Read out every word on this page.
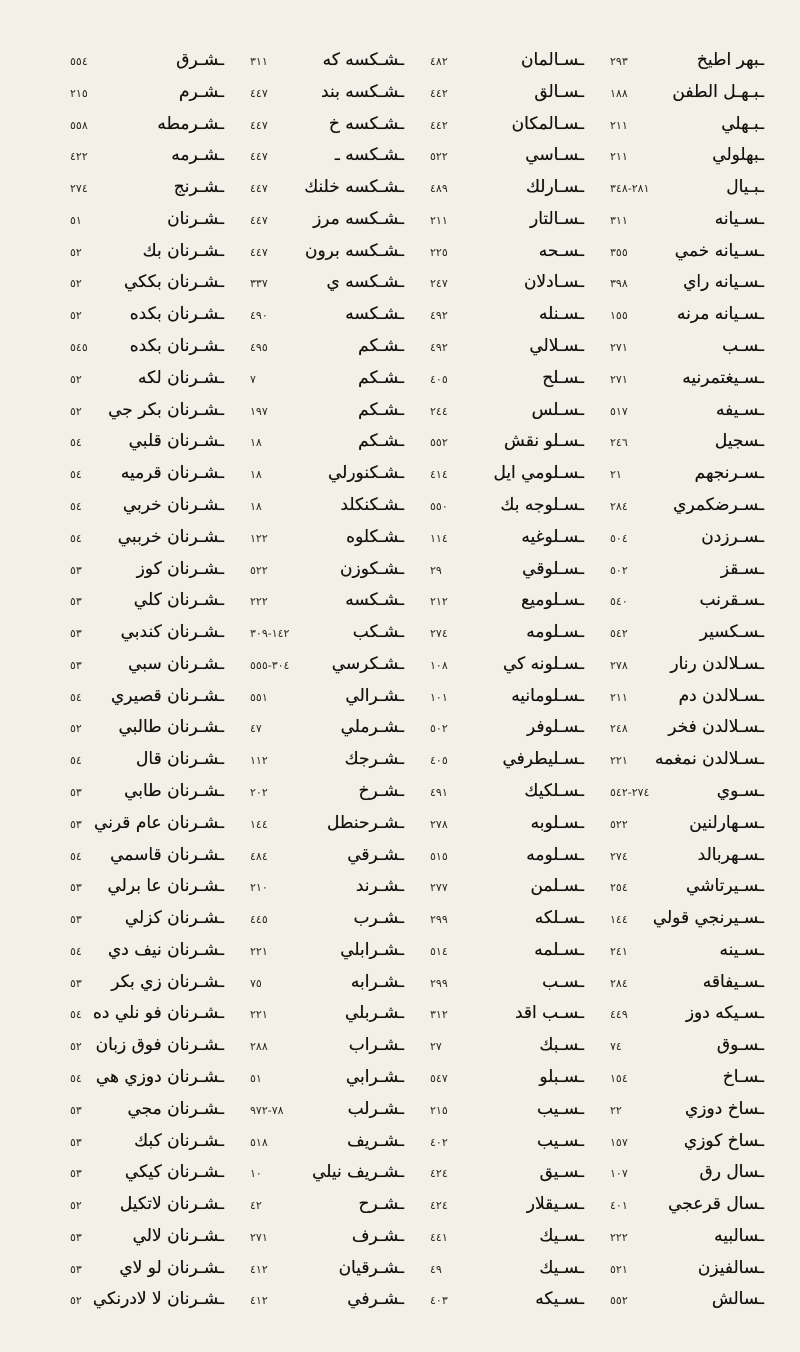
ـبهر اطيخ
٢٩٣
ـبـهـل الطفن
١٨٨
ـبـهلي
٢١١
ـبهلولي
٢١١
ـبـيال
٢٨١-٣٤٨
ـسـيانه
٣١١
ـسـيانه خمي
٣٥٥
ـسـيانه راي
٣٩٨
ـسـيانه مرنه
١٥٥
ـسـب
٢٧١
ـسـيغتمرنيه
٢٧١
ـسـيفه
٥١٧
ـسجيل
٢٤٦
ـسـرنجهم
٢١
ـسـرضكمري
٢٨٤
ـسـرزدن
٥٠٤
ـسـقز
٥٠٢
ـسـقرنب
٥٤٠
ـسـكسير
٥٤٢
ـسـلالدن رنار
٢٧٨
ـسـلالدن دم
٢١١
ـسـلالدن فخر
٢٤٨
ـسـلالدن نمغمه
٢٢١
ـسـوي
٢٧٤-٥٤٢
ـسـهارلنين
٥٢٢
ـسـهربالد
٢٧٤
ـسـيرتاشي
٢٥٤
ـسـيرنجي قولي
١٤٤
ـسـينه
٢٤١
ـسـيفاقه
٢٨٤
ـسـيكه دوز
٤٤٩
ـسـوق
٧٤
ـسـاخ
١٥٤
ـساخ دوزي
٢٢
ـساخ كوزي
١٥٧
ـسال رق
١٠٧
ـسال قرعجي
٤٠١
ـسالبيه
٢٢٢
ـسالفيزن
٥٢١
ـسالش
٥٥٢
ـسـالمان
٤٨٢
ـسـالق
٤٤٢
ـسـالمكان
٤٤٢
ـسـاسي
٥٢٢
ـسـارلك
٤٨٩
ـسـالتار
٢١١
ـسـحه
٢٢٥
ـسـادلان
٢٤٧
ـسـنله
٤٩٢
ـسـلالي
٤٩٢
ـسـلح
٤٠٥
ـسـلس
٢٤٤
ـسـلو نقش
٥٥٢
ـسـلومي ايل
٤١٤
ـسـلوجه بك
٥٥٠
ـسـلوغيه
١١٤
ـسـلوقي
٢٩
ـسـلوميع
٢١٢
ـسـلومه
٢٧٤
ـسـلونه كي
١٠٨
ـسـلومانيه
١٠١
ـسـلوفر
٥٠٢
ـسـليطرفي
٤٠٥
ـسـلكيك
٤٩١
ـسـلوبه
٢٧٨
ـسـلومه
٥١٥
ـسـلمن
٢٧٧
ـسـلكه
٢٩٩
ـسـلمه
٥١٤
ـسـب
٢٩٩
ـسـب اقد
٣١٢
ـسـبك
٢٧
ـسـبلو
٥٤٧
ـسـيب
٢١٥
ـسـيب
٤٠٢
ـسـيق
٤٢٤
ـسـيقلار
٤٢٤
ـسـيك
٤٤١
ـسـيك
٤٩
ـسـيكه
٤٠٣
ـشـكسه كه
٣١١
ـشـكسه بند
٤٤٧
ـشـكسه خ
٤٤٧
ـشـكسه ـ
٤٤٧
ـشـكسه خلنك
٤٤٧
ـشـكسه مرز
٤٤٧
ـشـكسه برون
٤٤٧
ـشـكسه ي
٣٣٧
ـشـكسه
٤٩٠
ـشـكم
٤٩٥
ـشـكم
٧
ـشـكم
١٩٧
ـشـكم
١٨
ـشـكنورلي
١٨
ـشـكنكلد
١٨
ـشـكلوه
١٢٢
ـشـكوزن
٥٢٢
ـشـكسه
٢٢٢
ـشـكب
١٤٢-٣٠٩
ـشـكرسي
٣٠٤-٥٥٥
ـشـرالي
٥٥١
ـشـرملي
٤٧
ـشـرجك
١١٢
ـشـرخ
٢٠٢
ـشـرحنطل
١٤٤
ـشـرقي
٤٨٤
ـشـرند
٢١٠
ـشـرب
٤٤٥
ـشـرابلي
٢٢١
ـشـرابه
٧٥
ـشـربلي
٢٢١
ـشـراب
٢٨٨
ـشـرابي
٥١
ـشـرلب
٧٨-٩٧٢
ـشـريف
٥١٨
ـشـريف نيلي
١٠
ـشـرح
٤٢
ـشـرف
٢٧١
ـشـرقيان
٤١٢
ـشـرفي
٤١٢
ـشـرق
٥٥٤
ـشـرم
٢١٥
ـشـرمطه
٥٥٨
ـشـرمه
٤٢٢
ـشـرنج
٢٧٤
ـشـرنان
٥١
ـشـرنان بك
٥٢
ـشـرنان بككي
٥٢
ـشـرنان بكده
٥٢
ـشـرنان بكده
٥٤٥
ـشـرنان لكه
٥٢
ـشـرنان بكر جي
٥٢
ـشـرنان قلبي
٥٤
ـشـرنان قرميه
٥٤
ـشـرنان خربي
٥٤
ـشـرنان خرببي
٥٤
ـشـرنان كوز
٥٣
ـشـرنان كلي
٥٣
ـشـرنان كندبي
٥٣
ـشـرنان سبي
٥٣
ـشـرنان قصيري
٥٤
ـشـرنان طالبي
٥٢
ـشـرنان قال
٥٤
ـشـرنان طابي
٥٣
ـشـرنان عام قرني
٥٣
ـشـرنان قاسمي
٥٤
ـشـرنان عا برلي
٥٣
ـشـرنان كزلي
٥٣
ـشـرنان نيف دي
٥٤
ـشـرنان زي بكر
٥٣
ـشـرنان فو نلي ده
٥٤
ـشـرنان فوق زبان
٥٢
ـشـرنان دوزي هي
٥٤
ـشـرنان مجي
٥٣
ـشـرنان كبك
٥٣
ـشـرنان كيكي
٥٣
ـشـرنان لاتكيل
٥٢
ـشـرنان لالي
٥٣
ـشـرنان لو لاي
٥٣
ـشـرنان لا لادرنكي
٥٢
